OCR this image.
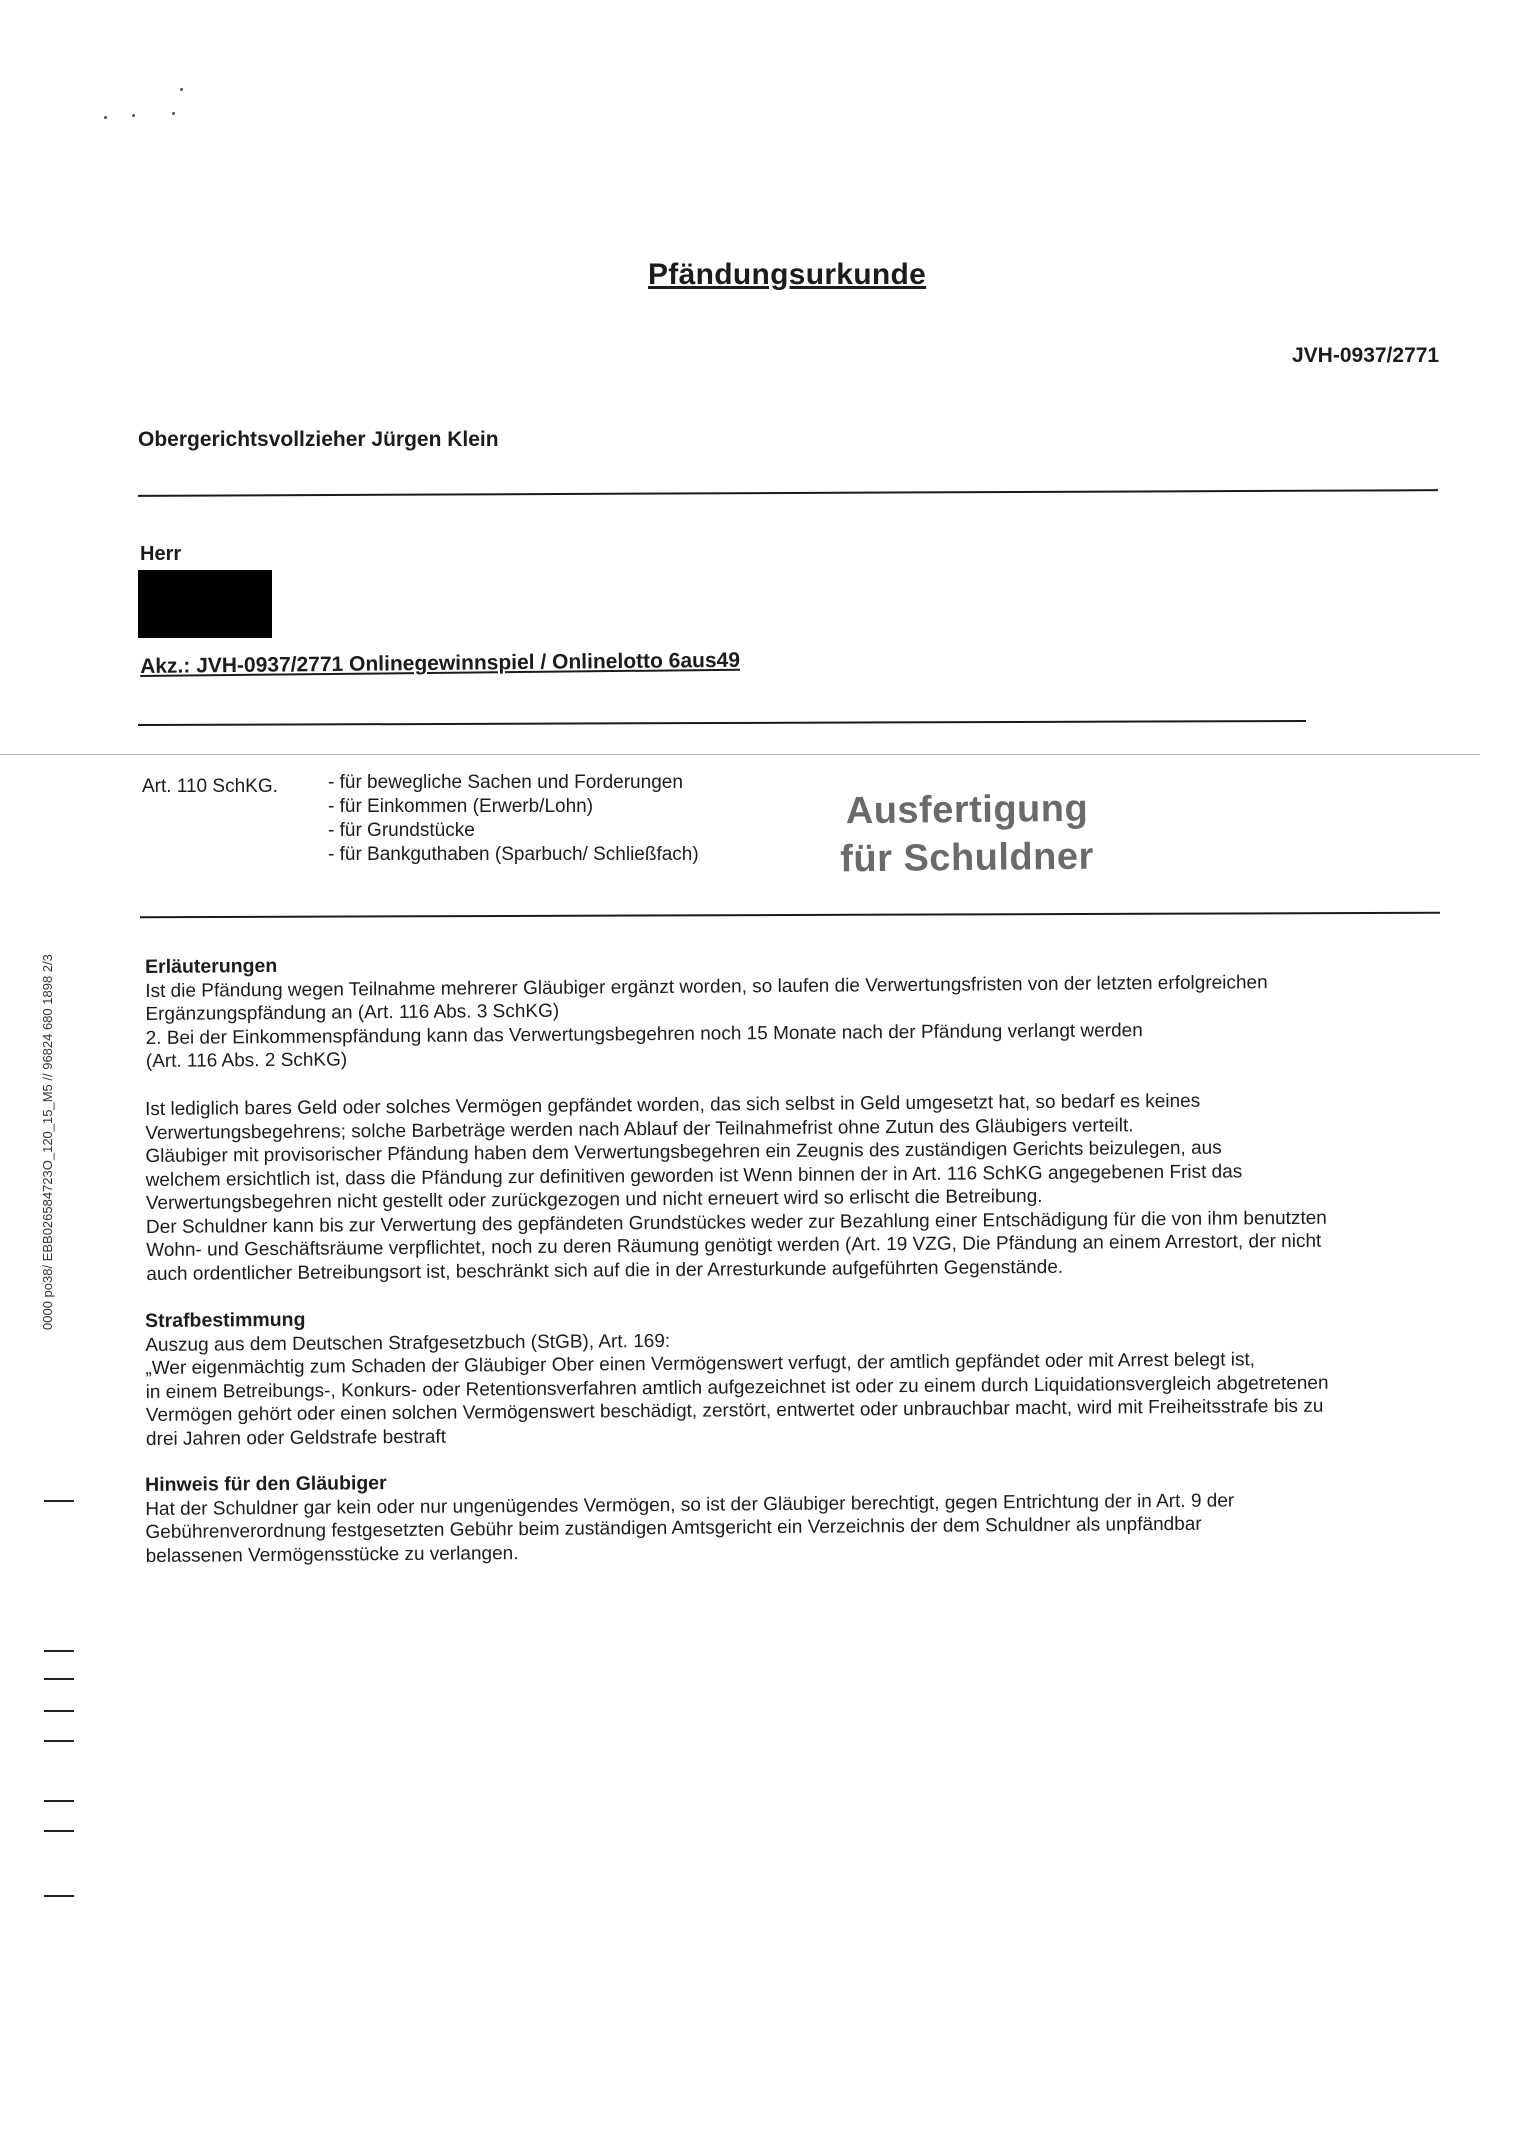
Pfändungsurkunde
JVH-0937/2771
Obergerichtsvollzieher Jürgen Klein
Herr
Akz.: JVH-0937/2771 Onlinegewinnspiel / Onlinelotto 6aus49
Art. 110 SchKG.	- für bewegliche Sachen und Forderungen
- für Einkommen (Erwerb/Lohn)
- für Grundstücke
- für Bankguthaben (Sparbuch/ Schließfach)
Ausfertigung
für Schuldner

Erläuterungen

Ist die Pfändung wegen Teilnahme mehrerer Gläubiger ergänzt worden, so laufen die Verwertungsfristen von der letzten erfolgreichen

Ergänzungspfändung an (Art. 116 Abs. 3 SchKG)

2. Bei der Einkommenspfändung kann das Verwertungsbegehren noch 15 Monate nach der Pfändung verlangt werden

(Art. 116 Abs. 2 SchKG)

Ist lediglich bares Geld oder solches Vermögen gepfändet worden, das sich selbst in Geld umgesetzt hat, so bedarf es keines

Verwertungsbegehrens; solche Barbeträge werden nach Ablauf der Teilnahmefrist ohne Zutun des Gläubigers verteilt.

Gläubiger mit provisorischer Pfändung haben dem Verwertungsbegehren ein Zeugnis des zuständigen Gerichts beizulegen, aus

welchem ersichtlich ist, dass die Pfändung zur definitiven geworden ist Wenn binnen der in Art. 116 SchKG angegebenen Frist das

Verwertungsbegehren nicht gestellt oder zurückgezogen und nicht erneuert wird so erlischt die Betreibung.

Der Schuldner kann bis zur Verwertung des gepfändeten Grundstückes weder zur Bezahlung einer Entschädigung für die von ihm benutzten

Wohn- und Geschäftsräume verpflichtet, noch zu deren Räumung genötigt werden (Art. 19 VZG, Die Pfändung an einem Arrestort, der nicht

auch ordentlicher Betreibungsort ist, beschränkt sich auf die in der Arresturkunde aufgeführten Gegenstände.

Strafbestimmung

Auszug aus dem Deutschen Strafgesetzbuch (StGB), Art. 169:

„Wer eigenmächtig zum Schaden der Gläubiger Ober einen Vermögenswert verfugt, der amtlich gepfändet oder mit Arrest belegt ist,

in einem Betreibungs-, Konkurs- oder Retentionsverfahren amtlich aufgezeichnet ist oder zu einem durch Liquidationsvergleich abgetretenen

Vermögen gehört oder einen solchen Vermögenswert beschädigt, zerstört, entwertet oder unbrauchbar macht, wird mit Freiheitsstrafe bis zu

drei Jahren oder Geldstrafe bestraft

Hinweis für den Gläubiger

Hat der Schuldner gar kein oder nur ungenügendes Vermögen, so ist der Gläubiger berechtigt, gegen Entrichtung der in Art. 9 der

Gebührenverordnung festgesetzten Gebühr beim zuständigen Amtsgericht ein Verzeichnis der dem Schuldner als unpfändbar

belassenen Vermögensstücke zu verlangen.

0000 po38/ EBB026584723O_120_15_M5 // 96824 680 1898 2/3
